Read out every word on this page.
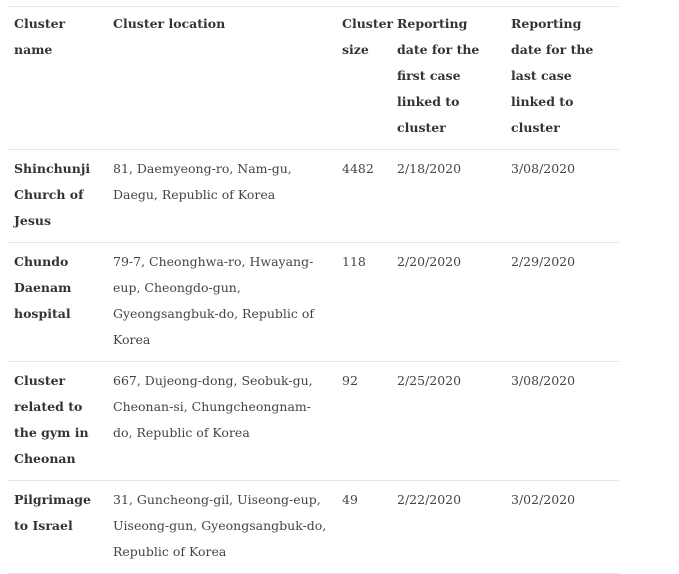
Cluster name	Cluster location	Cluster size	Reporting date for the first case linked to cluster	Reporting date for the last case linked to cluster
Shinchunji Church of Jesus	81, Daemyeong-ro, Nam-gu, Daegu, Republic of Korea	4482	2/18/2020	3/08/2020
Chundo Daenam hospital	79-7, Cheonghwa-ro, Hwayang-eup, Cheongdo-gun, Gyeongsangbuk-do, Republic of Korea	118	2/20/2020	2/29/2020
Cluster related to the gym in Cheonan	667, Dujeong-dong, Seobuk-gu, Cheonan-si, Chungcheongnam-do, Republic of Korea	92	2/25/2020	3/08/2020
Pilgrimage to Israel	31, Guncheong-gil, Uiseong-eup, Uiseong-gun, Gyeongsangbuk-do, Republic of Korea	49	2/22/2020	3/02/2020
